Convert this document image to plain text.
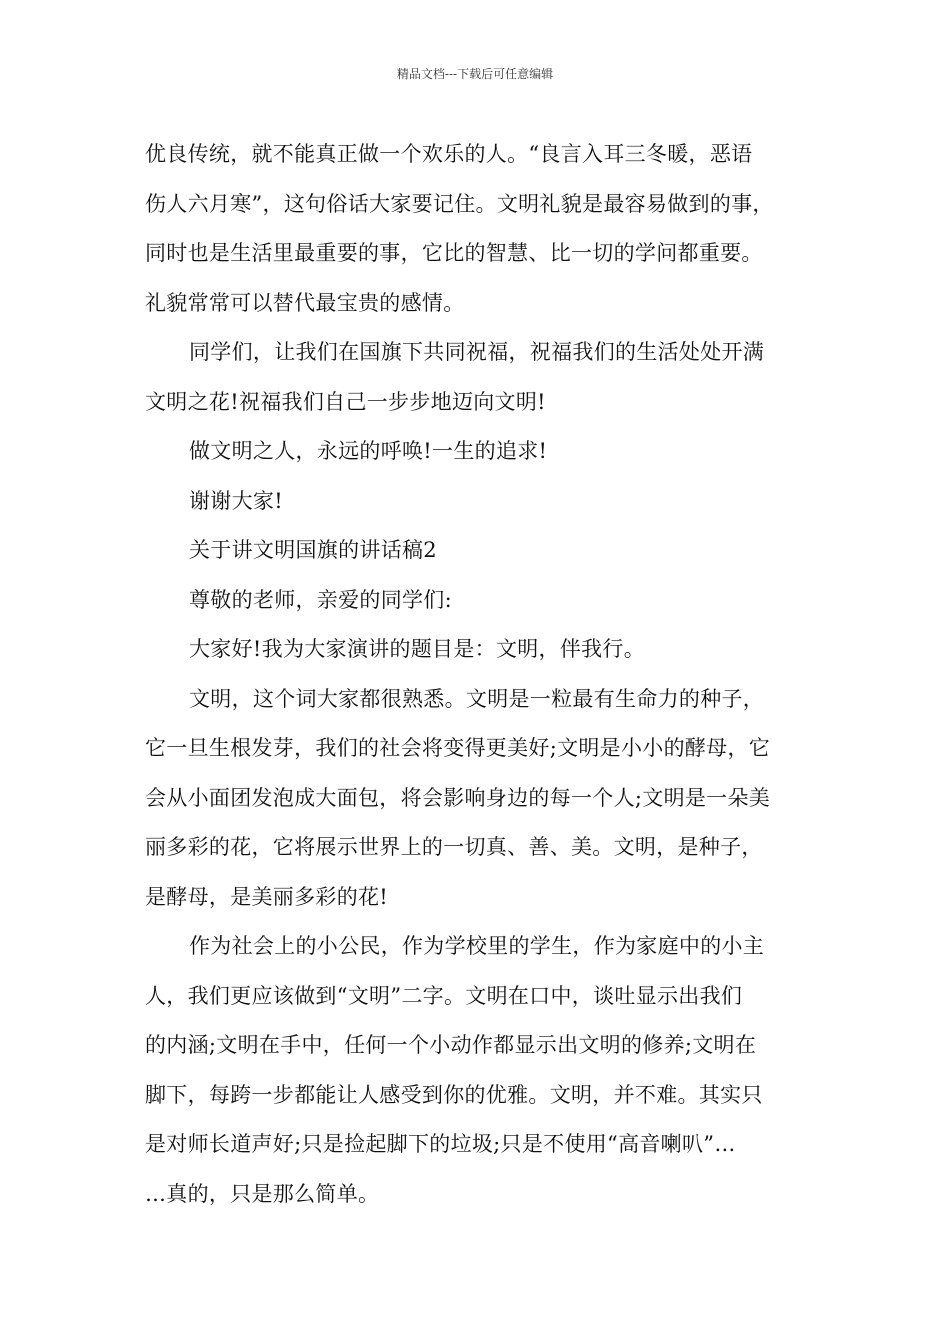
精品文档---下载后可任意编辑
优良传统，就不能真正做一个欢乐的人。“良言入耳三冬暖，恶语
伤人六月寒”，这句俗话大家要记住。文明礼貌是最容易做到的事，
同时也是生活里最重要的事，它比的智慧、比一切的学问都重要。
礼貌常常可以替代最宝贵的感情。
同学们，让我们在国旗下共同祝福，祝福我们的生活处处开满
文明之花!祝福我们自己一步步地迈向文明!
做文明之人，永远的呼唤!一生的追求!
谢谢大家!
关于讲文明国旗的讲话稿2
尊敬的老师，亲爱的同学们:
大家好!我为大家演讲的题目是：文明，伴我行。
文明，这个词大家都很熟悉。文明是一粒最有生命力的种子，
它一旦生根发芽，我们的社会将变得更美好;文明是小小的酵母，它
会从小面团发泡成大面包，将会影响身边的每一个人;文明是一朵美
丽多彩的花，它将展示世界上的一切真、善、美。文明，是种子，
是酵母，是美丽多彩的花!
作为社会上的小公民，作为学校里的学生，作为家庭中的小主
人，我们更应该做到“文明”二字。文明在口中，谈吐显示出我们
的内涵;文明在手中，任何一个小动作都显示出文明的修养;文明在
脚下，每跨一步都能让人感受到你的优雅。文明，并不难。其实只
是对师长道声好;只是捡起脚下的垃圾;只是不使用“高音喇叭”…
…真的，只是那么简单。
